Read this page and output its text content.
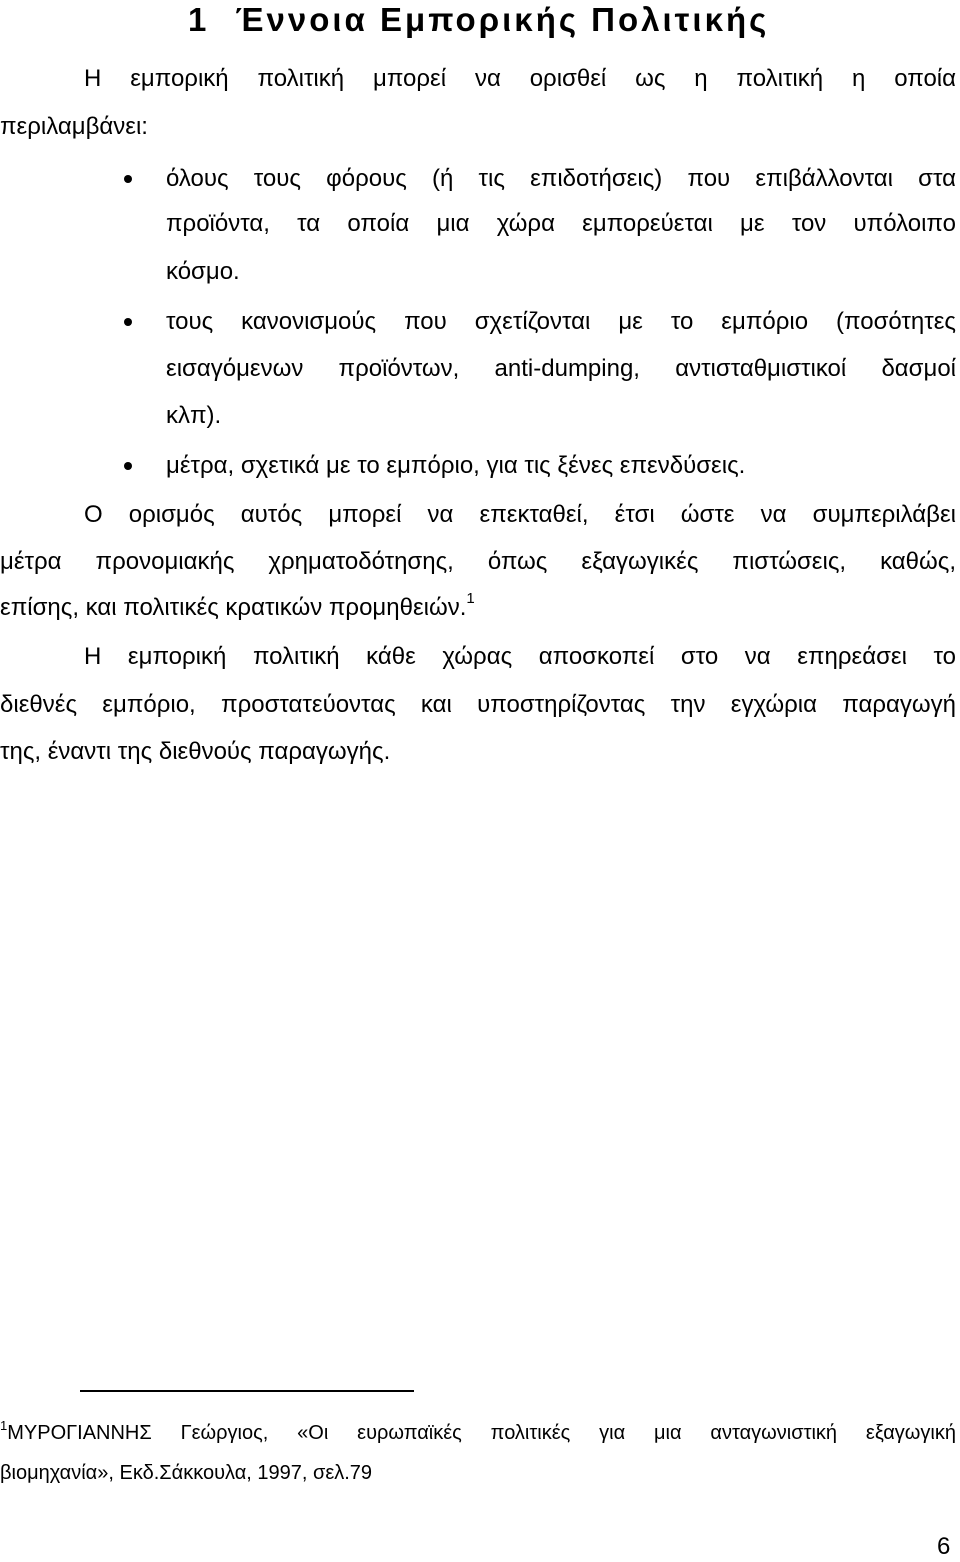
1 Έννοια Εμπορικής Πολιτικής
Η εμπορική πολιτική μπορεί να ορισθεί ως η πολιτική η οποία
περιλαμβάνει:
όλους τους φόρους (ή τις επιδοτήσεις) που επιβάλλονται στα
προϊόντα, τα οποία μια χώρα εμπορεύεται με τον υπόλοιπο
κόσμο.
τους κανονισμούς που σχετίζονται με το εμπόριο (ποσότητες
εισαγόμενων προϊόντων, anti-dumping, αντισταθμιστικοί δασμοί
κλπ).
μέτρα, σχετικά με το εμπόριο, για τις ξένες επενδύσεις.
Ο ορισμός αυτός μπορεί να επεκταθεί, έτσι ώστε να συμπεριλάβει
μέτρα προνομιακής χρηματοδότησης, όπως εξαγωγικές πιστώσεις, καθώς,
επίσης, και πολιτικές κρατικών προμηθειών.$^1$
Η εμπορική πολιτική κάθε χώρας αποσκοπεί στο να επηρεάσει το
διεθνές εμπόριο, προστατεύοντας και υποστηρίζοντας την εγχώρια παραγωγή
της, έναντι της διεθνούς παραγωγής.
$^1$ΜΥΡΟΓΙΑΝΝΗΣ Γεώργιος, «Οι ευρωπαϊκές πολιτικές για μια ανταγωνιστική εξαγωγική
βιομηχανία», Εκδ.Σάκκουλα, 1997, σελ.79
6
